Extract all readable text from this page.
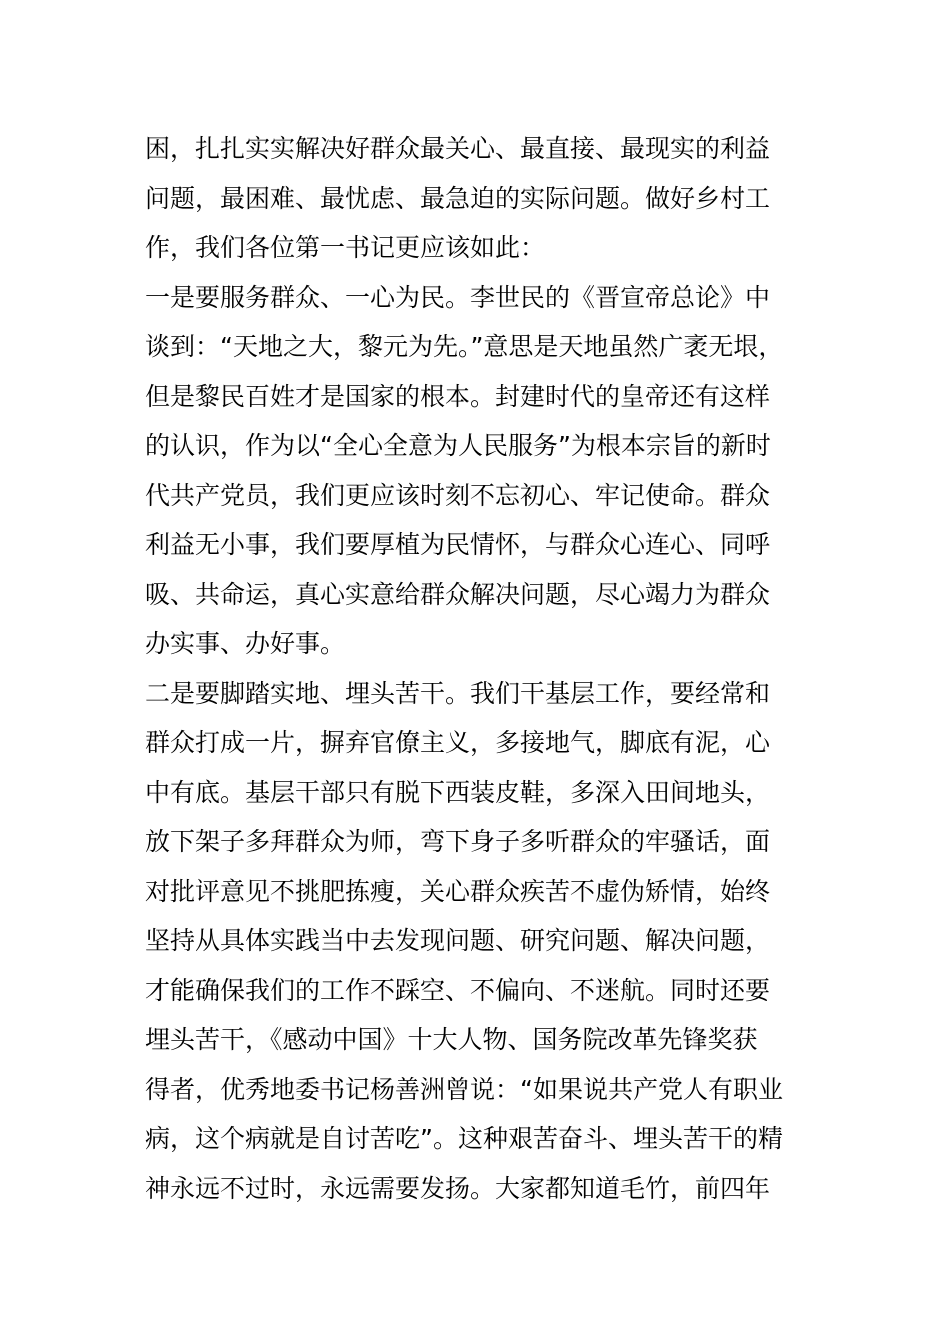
困，扎扎实实解决好群众最关心、最直接、最现实的利益
问题，最困难、最忧虑、最急迫的实际问题。做好乡村工
作，我们各位第一书记更应该如此：
一是要服务群众、一心为民。李世民的《晋宣帝总论》中
谈到：“天地之大，黎元为先。”意思是天地虽然广袤无垠，
但是黎民百姓才是国家的根本。封建时代的皇帝还有这样
的认识，作为以“全心全意为人民服务”为根本宗旨的新时
代共产党员，我们更应该时刻不忘初心、牢记使命。群众
利益无小事，我们要厚植为民情怀，与群众心连心、同呼
吸、共命运，真心实意给群众解决问题，尽心竭力为群众
办实事、办好事。
二是要脚踏实地、埋头苦干。我们干基层工作，要经常和
群众打成一片，摒弃官僚主义，多接地气，脚底有泥，心
中有底。基层干部只有脱下西装皮鞋，多深入田间地头，
放下架子多拜群众为师，弯下身子多听群众的牢骚话，面
对批评意见不挑肥拣瘦，关心群众疾苦不虚伪矫情，始终
坚持从具体实践当中去发现问题、研究问题、解决问题，
才能确保我们的工作不踩空、不偏向、不迷航。同时还要
埋头苦干，《感动中国》十大人物、国务院改革先锋奖获
得者，优秀地委书记杨善洲曾说：“如果说共产党人有职业
病，这个病就是自讨苦吃”。这种艰苦奋斗、埋头苦干的精
神永远不过时，永远需要发扬。大家都知道毛竹，前四年
